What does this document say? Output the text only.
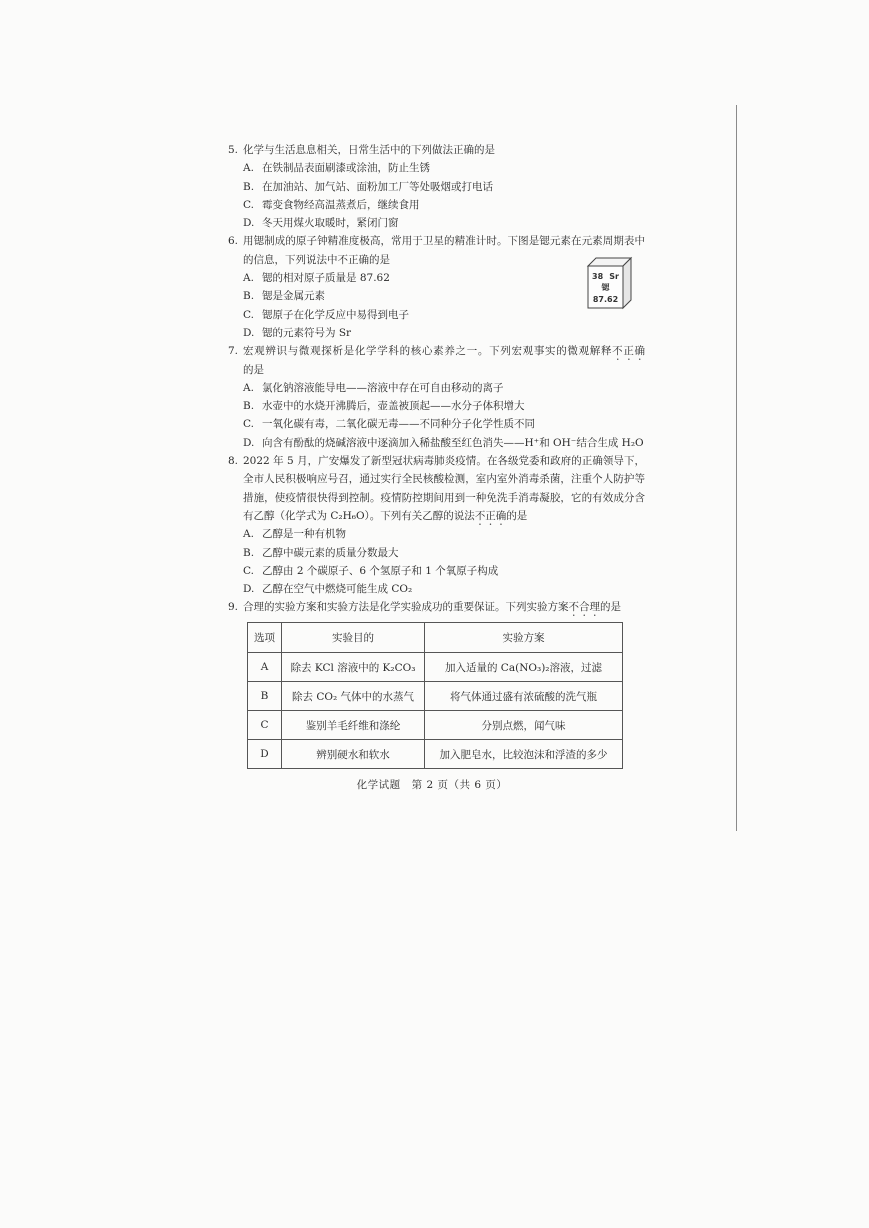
5. 化学与生活息息相关，日常生活中的下列做法正确的是
A. 在铁制品表面刷漆或涂油，防止生锈
B. 在加油站、加气站、面粉加工厂等处吸烟或打电话
C. 霉变食物经高温蒸煮后，继续食用
D. 冬天用煤火取暖时，紧闭门窗
6. 用锶制成的原子钟精准度极高，常用于卫星的精准计时。下图是锶元素在元素周期表中
的信息，下列说法中不正确的是
A. 锶的相对原子质量是 87.62
B. 锶是金属元素
C. 锶原子在化学反应中易得到电子
D. 锶的元素符号为 Sr
7. 宏观辨识与微观探析是化学学科的核心素养之一。下列宏观事实的微观解释不正确
的是
A. 氯化钠溶液能导电——溶液中存在可自由移动的离子
B. 水壶中的水烧开沸腾后，壶盖被顶起——水分子体积增大
C. 一氧化碳有毒，二氧化碳无毒——不同种分子化学性质不同
D. 向含有酚酞的烧碱溶液中逐滴加入稀盐酸至红色消失——H⁺和 OH⁻结合生成 H₂O
8. 2022 年 5 月，广安爆发了新型冠状病毒肺炎疫情。在各级党委和政府的正确领导下，
全市人民积极响应号召，通过实行全民核酸检测，室内室外消毒杀菌，注重个人防护等
措施，使疫情很快得到控制。疫情防控期间用到一种免洗手消毒凝胶，它的有效成分含
有乙醇（化学式为 C₂H₆O）。下列有关乙醇的说法不正确的是
A. 乙醇是一种有机物
B. 乙醇中碳元素的质量分数最大
C. 乙醇由 2 个碳原子、6 个氢原子和 1 个氧原子构成
D. 乙醇在空气中燃烧可能生成 CO₂
9. 合理的实验方案和实验方法是化学实验成功的重要保证。下列实验方案不合理的是
38 Sr
锶
87.62
选项	实验目的	实验方案
A	除去 KCl 溶液中的 K₂CO₃	加入适量的 Ca(NO₃)₂溶液，过滤
B	除去 CO₂ 气体中的水蒸气	将气体通过盛有浓硫酸的洗气瓶
C	鉴别羊毛纤维和涤纶	分别点燃，闻气味
D	辨别硬水和软水	加入肥皂水，比较泡沫和浮渣的多少
化学试题　第 2 页（共 6 页）
